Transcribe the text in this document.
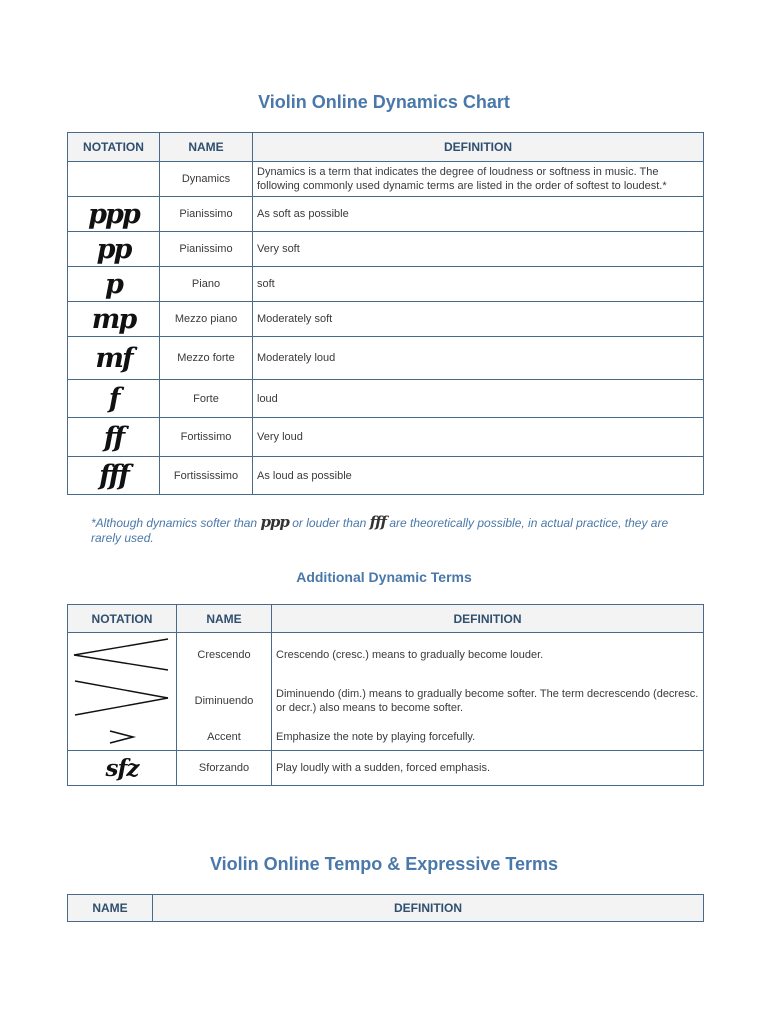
Violin Online Dynamics Chart
NOTATION	NAME	DEFINITION
	Dynamics	Dynamics is a term that indicates the degree of loudness or softness in music. The following commonly used dynamic terms are listed in the order of softest to loudest.*
ppp	Pianissimo	As soft as possible
pp	Pianissimo	Very soft
p	Piano	soft
mp	Mezzo piano	Moderately soft
mf	Mezzo forte	Moderately loud
f	Forte	loud
ff	Fortissimo	Very loud
fff	Fortississimo	As loud as possible
*Although dynamics softer than ppp or louder than fff are theoretically possible, in actual practice, they are rarely used.
Additional Dynamic Terms
NOTATION	NAME	DEFINITION
	Crescendo	Crescendo (cresc.) means to gradually become louder.
	Diminuendo	Diminuendo (dim.) means to gradually become softer. The term decrescendo (decresc. or decr.) also means to become softer.
	Accent	Emphasize the note by playing forcefully.
sfz	Sforzando	Play loudly with a sudden, forced emphasis.
Violin Online Tempo & Expressive Terms
NAME	DEFINITION
